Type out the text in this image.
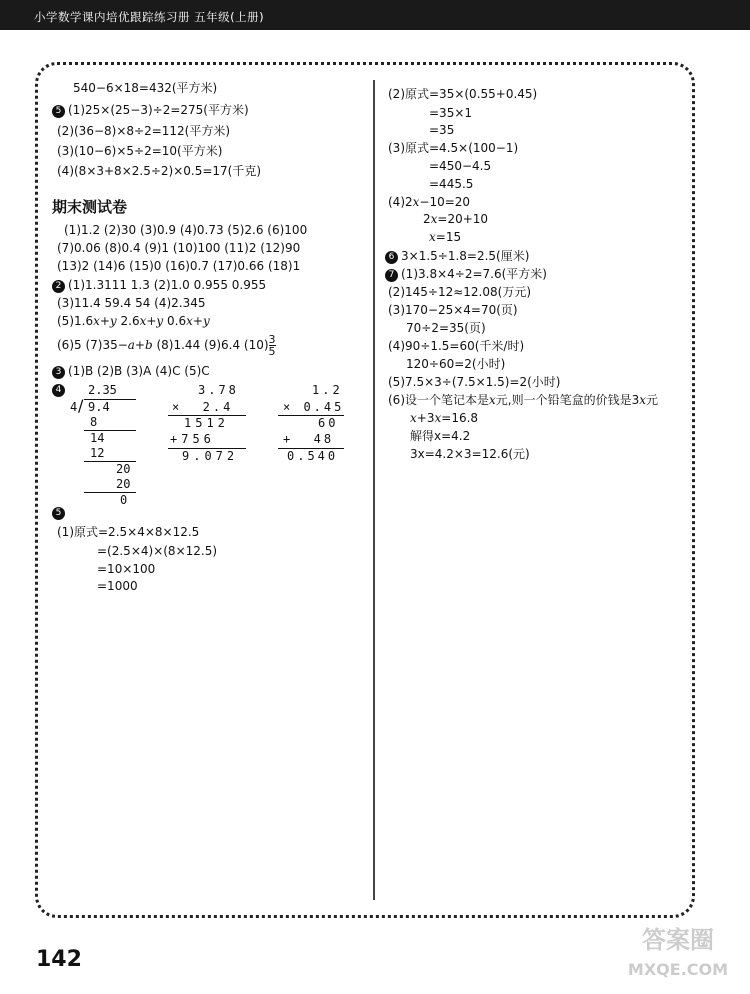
小学数学课内培优跟踪练习册 五年级(上册)
540−6×18=432(平方米)
5 (1)25×(25−3)÷2=275(平方米)
(2)(36−8)×8÷2=112(平方米)
(3)(10−6)×5÷2=10(平方米)
(4)(8×3+8×2.5÷2)×0.5=17(千克)
期末测试卷
(1)1.2 (2)30 (3)0.9 (4)0.73 (5)2.6 (6)100
(7)0.06 (8)0.4 (9)1 (10)100 (11)2 (12)90
(13)2 (14)6 (15)0 (16)0.7 (17)0.66 (18)1
2 (1)1.3111 1.3 (2)1.0 0.955 0.955
(3)11.4 59.4 54 (4)2.345
(5)1.6x+y 2.6x+y 0.6x+y
(6)5 (7)35−a+b (8)1.44 (9)6.4 $(10) \frac{3}{5}$
3 (1)B (2)B (3)A (4)C (5)C
4	2.35
4 / 9.4
8
14
12
20
20
0
3.78
×  2.4
1512
+756
9.072
1.2
× 0.45
60
+  48
0.540
5
(1)原式=2.5×4×8×12.5
=(2.5×4)×(8×12.5)
=10×100
=1000
(2)原式=35×(0.55+0.45)
=35×1
=35
(3)原式=4.5×(100−1)
=450−4.5
=445.5
(4)2x−10=20
2x=20+10
x=15
6 3×1.5÷1.8=2.5(厘米)
7 (1)3.8×4÷2=7.6(平方米)
(2)145÷12≈12.08(万元)
(3)170−25×4=70(页)
70÷2=35(页)
(4)90÷1.5=60(千米/时)
120÷60=2(小时)
(5)7.5×3÷(7.5×1.5)=2(小时)
(6)设一个笔记本是x元,则一个铅笔盒的价钱是3x元
x+3x=16.8
解得x=4.2
3x=4.2×3=12.6(元)
142
答案圈
MXQE.COM
